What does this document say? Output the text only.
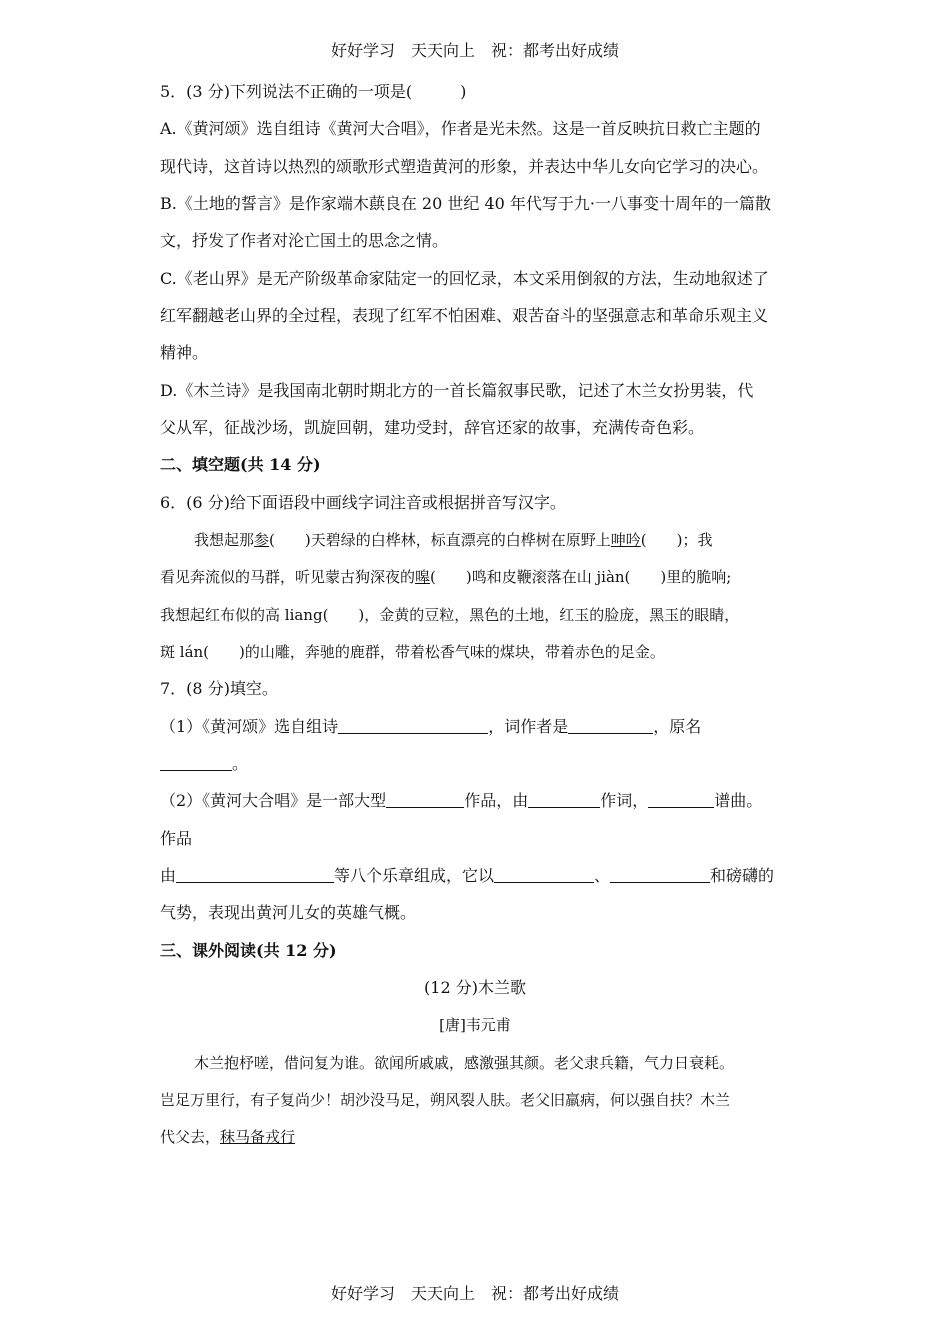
好好学习　天天向上　祝：都考出好成绩
5．(3 分)下列说法不正确的一项是(　　　)
A.《黄河颂》选自组诗《黄河大合唱》，作者是光未然。这是一首反映抗日救亡主题的
现代诗，这首诗以热烈的颂歌形式塑造黄河的形象，并表达中华儿女向它学习的决心。
B.《土地的誓言》是作家端木蕻良在 20 世纪 40 年代写于九·一八事变十周年的一篇散
文，抒发了作者对沦亡国土的思念之情。
C.《老山界》是无产阶级革命家陆定一的回忆录，本文采用倒叙的方法，生动地叙述了
红军翻越老山界的全过程，表现了红军不怕困难、艰苦奋斗的坚强意志和革命乐观主义
精神。
D.《木兰诗》是我国南北朝时期北方的一首长篇叙事民歌，记述了木兰女扮男装，代
父从军，征战沙场，凯旋回朝，建功受封，辞官还家的故事，充满传奇色彩。
二、填空题(共 14 分)
6．(6 分)给下面语段中画线字词注音或根据拼音写汉字。
我想起那参(　　)天碧绿的白桦林，标直漂亮的白桦树在原野上呻吟(　　)；我
看见奔流似的马群，听见蒙古狗深夜的嗥(　　)鸣和皮鞭滚落在山 jiàn(　　)里的脆响;
我想起红布似的高 liang(　　)，金黄的豆粒，黑色的土地，红玉的脸庞，黑玉的眼睛，
斑 lán(　　)的山雕，奔驰的鹿群，带着松香气味的煤块，带着赤色的足金。
7．(8 分)填空。
（1）《黄河颂》选自组诗	，词作者是	，原名
。
（2）《黄河大合唱》是一部大型	作品，由	作词，	谱曲。
作品
由	等八个乐章组成，它以	、	和磅礴的
气势，表现出黄河儿女的英雄气概。
三、课外阅读(共 12 分)
(12 分)木兰歌
[唐]韦元甫
木兰抱杼嗟，借问复为谁。欲闻所戚戚，感激强其颜。老父隶兵籍，气力日衰耗。
岂足万里行，有子复尚少！胡沙没马足，朔风裂人肤。老父旧羸病，何以强自扶？木兰
代父去，秣马备戎行
好好学习　天天向上　祝：都考出好成绩
